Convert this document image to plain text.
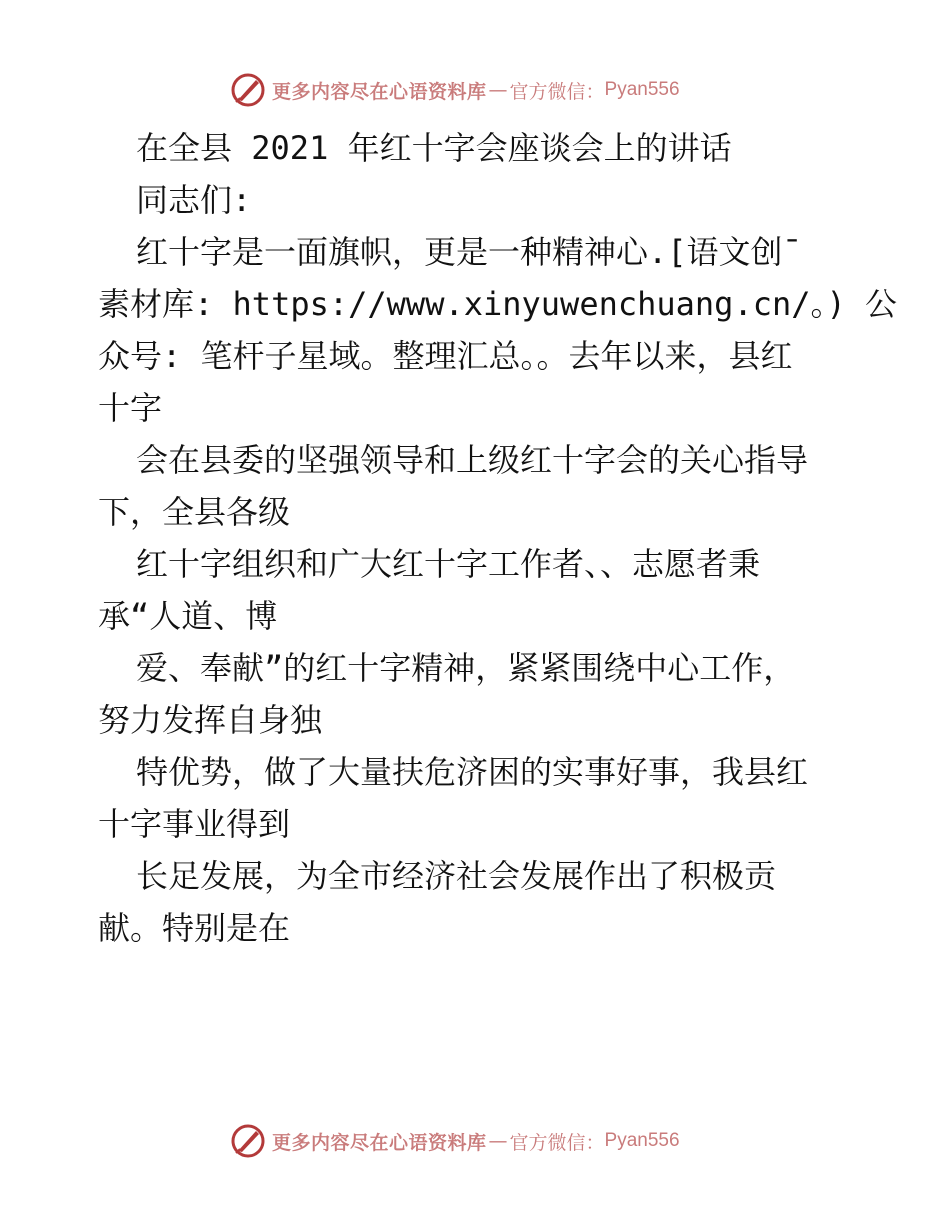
更多内容尽在心语资料库 — 官方微信： Pyan556
在全县 2021 年红十字会座谈会上的讲话
同志们:
红十字是一面旗帜，更是一种精神心.[语文创¯
素材库: https://www.xinyuwenchuang.cn/。) 公
众号: 笔杆子星域。整理汇总。。去年以来，县红
十字
会在县委的坚强领导和上级红十字会的关心指导
下，全县各级
红十字组织和广大红十字工作者、、志愿者秉
承“人道、博
爱、奉献”的红十字精神，紧紧围绕中心工作，
努力发挥自身独
特优势，做了大量扶危济困的实事好事，我县红
十字事业得到
长足发展，为全市经济社会发展作出了积极贡
献。特别是在
更多内容尽在心语资料库 — 官方微信： Pyan556
